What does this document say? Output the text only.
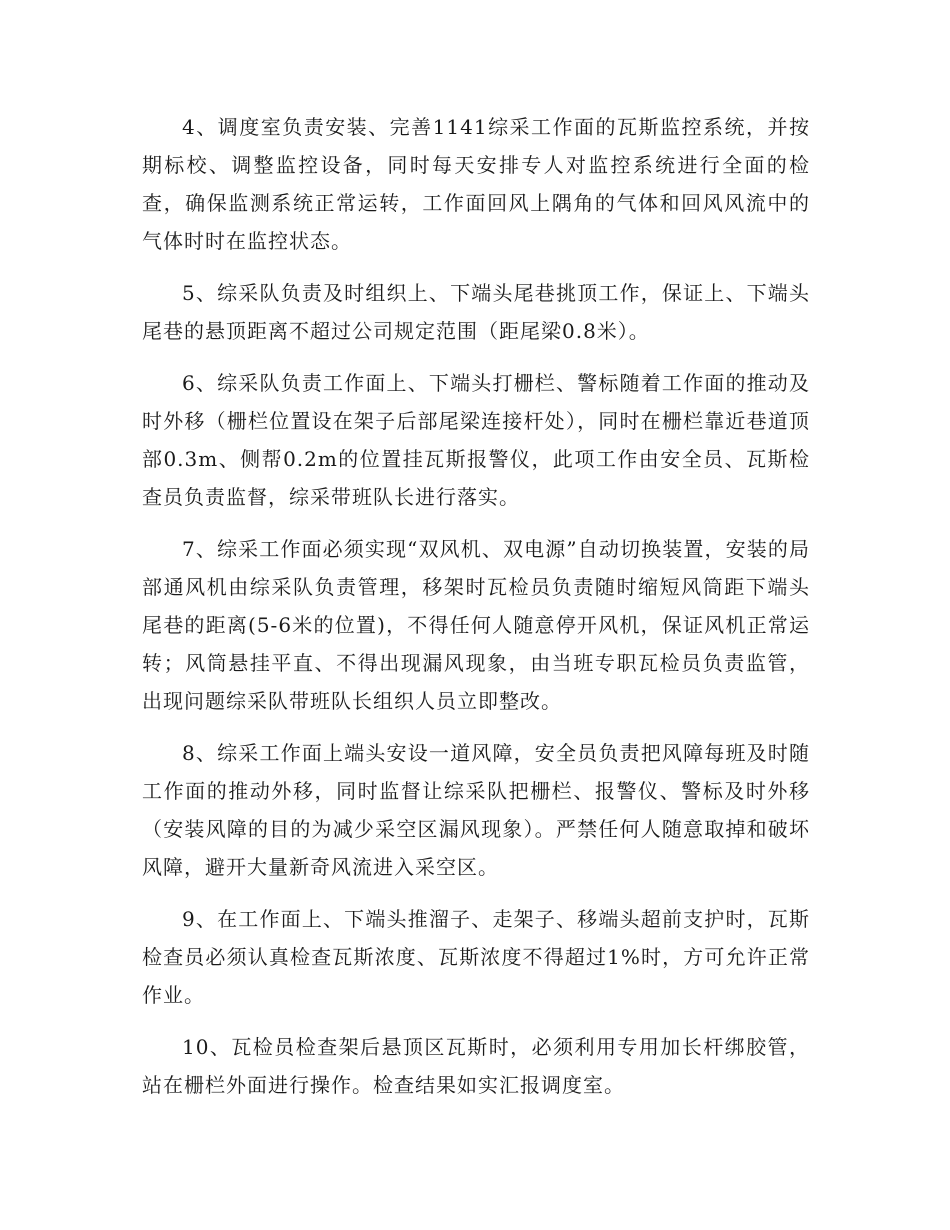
4、调度室负责安装、完善1141综采工作面的瓦斯监控系统，并按期标校、调整监控设备，同时每天安排专人对监控系统进行全面的检查，确保监测系统正常运转，工作面回风上隅角的气体和回风风流中的气体时时在监控状态。

5、综采队负责及时组织上、下端头尾巷挑顶工作，保证上、下端头尾巷的悬顶距离不超过公司规定范围（距尾梁0.8米）。

6、综采队负责工作面上、下端头打栅栏、警标随着工作面的推动及时外移（栅栏位置设在架子后部尾梁连接杆处），同时在栅栏靠近巷道顶部0.3m、侧帮0.2m的位置挂瓦斯报警仪，此项工作由安全员、瓦斯检查员负责监督，综采带班队长进行落实。

7、综采工作面必须实现“双风机、双电源”自动切换装置，安装的局部通风机由综采队负责管理，移架时瓦检员负责随时缩短风筒距下端头尾巷的距离(5-6米的位置)，不得任何人随意停开风机，保证风机正常运转；风筒悬挂平直、不得出现漏风现象，由当班专职瓦检员负责监管，出现问题综采队带班队长组织人员立即整改。

8、综采工作面上端头安设一道风障，安全员负责把风障每班及时随工作面的推动外移，同时监督让综采队把栅栏、报警仪、警标及时外移（安装风障的目的为减少采空区漏风现象）。严禁任何人随意取掉和破坏风障，避开大量新奇风流进入采空区。

9、在工作面上、下端头推溜子、走架子、移端头超前支护时，瓦斯检查员必须认真检查瓦斯浓度、瓦斯浓度不得超过1%时，方可允许正常作业。

10、瓦检员检查架后悬顶区瓦斯时，必须利用专用加长杆绑胶管，站在栅栏外面进行操作。检查结果如实汇报调度室。
